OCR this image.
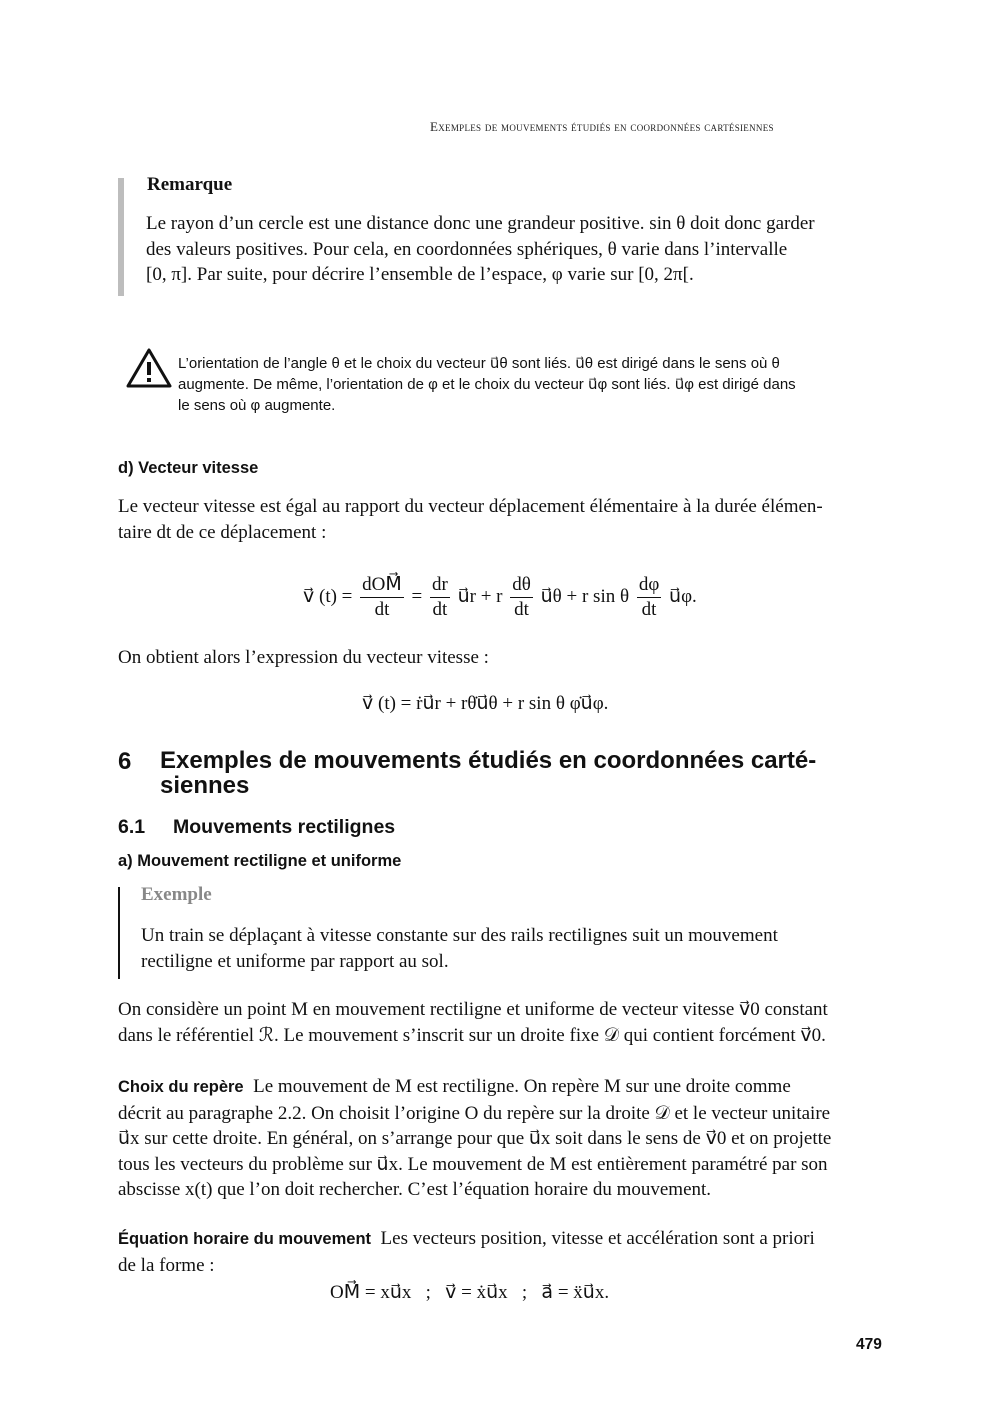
Exemples de mouvements étudiés en coordonnées cartésiennes
Remarque
Le rayon d’un cercle est une distance donc une grandeur positive. sin θ doit donc garder
des valeurs positives. Pour cela, en coordonnées sphériques, θ varie dans l’intervalle
[0, π]. Par suite, pour décrire l’ensemble de l’espace, φ varie sur [0, 2π[.
L’orientation de l’angle θ et le choix du vecteur u⃗θ sont liés. u⃗θ est dirigé dans le sens où θ
augmente. De même, l’orientation de φ et le choix du vecteur u⃗φ sont liés. u⃗φ est dirigé dans
le sens où φ augmente.
d) Vecteur vitesse
Le vecteur vitesse est égal au rapport du vecteur déplacement élémentaire à la durée élémen-
taire dt de ce déplacement :
v⃗ $(t) = \frac{\text{dOM⃗}}{dt} = \frac{dr}{dt}$ u⃗r + r $\frac{d\theta}{dt}$ u⃗θ + r sin θ $\frac{d\varphi}{dt}$ u⃗φ.
On obtient alors l’expression du vecteur vitesse :
v⃗ (t) = ṙu⃗r + rθ̇u⃗θ + r sin θ φ̇u⃗φ.
6 Exemples de mouvements étudiés en coordonnées carté-
siennes
6.1 Mouvements rectilignes
a) Mouvement rectiligne et uniforme
Exemple
Un train se déplaçant à vitesse constante sur des rails rectilignes suit un mouvement
rectiligne et uniforme par rapport au sol.
On considère un point M en mouvement rectiligne et uniforme de vecteur vitesse v⃗0 constant
dans le référentiel ℛ. Le mouvement s’inscrit sur un droite fixe 𝒟 qui contient forcément v⃗0.
Choix du repère Le mouvement de M est rectiligne. On repère M sur une droite comme
décrit au paragraphe 2.2. On choisit l’origine O du repère sur la droite 𝒟 et le vecteur unitaire
u⃗x sur cette droite. En général, on s’arrange pour que u⃗x soit dans le sens de v⃗0 et on projette
tous les vecteurs du problème sur u⃗x. Le mouvement de M est entièrement paramétré par son
abscisse x(t) que l’on doit rechercher. C’est l’équation horaire du mouvement.
Équation horaire du mouvement Les vecteurs position, vitesse et accélération sont a priori
de la forme :
OM⃗ = xu⃗x   ;   v⃗ = ẋu⃗x   ;   a⃗ = ẍu⃗x.
479
